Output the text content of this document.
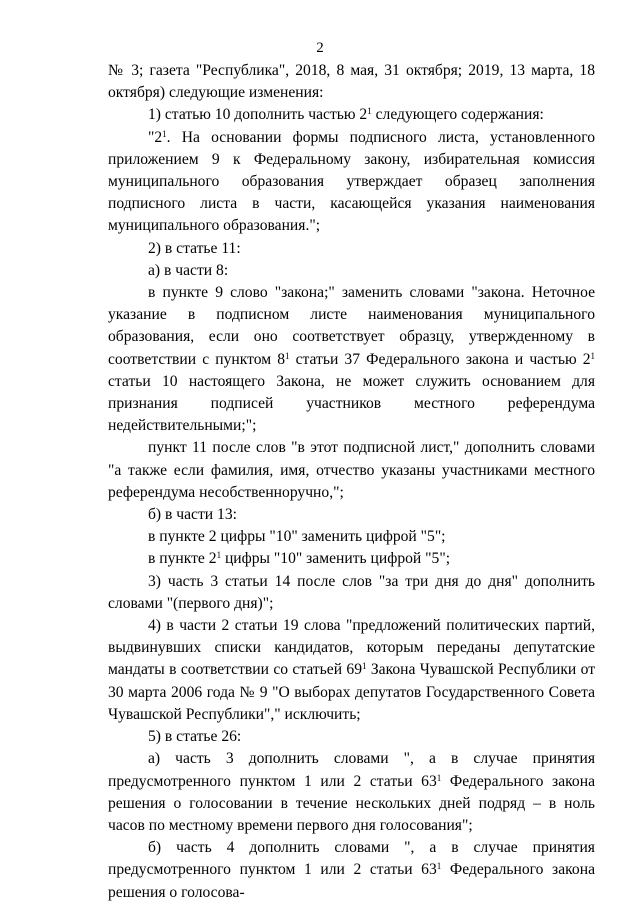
2

№ 3; газета "Республика", 2018, 8 мая, 31 октября; 2019, 13 марта, 18 октября) следующие изменения:

1) статью 10 дополнить частью $2^1$ следующего содержания:

"$2^1$. На основании формы подписного листа, установленного приложением 9 к Федеральному закону, избирательная комиссия муниципального образования утверждает образец заполнения подписного листа в части, касающейся указания наименования муниципального образования.";

2) в статье 11:

а) в части 8:

в пункте 9 слово "закона;" заменить словами "закона. Неточное указание в подписном листе наименования муниципального образования, если оно соответствует образцу, утвержденному в соответствии с пунктом $8^1$ статьи 37 Федерального закона и частью $2^1$ статьи 10 настоящего Закона, не может служить основанием для признания подписей участников местного референдума недействительными;";

пункт 11 после слов "в этот подписной лист," дополнить словами "а также если фамилия, имя, отчество указаны участниками местного референдума несобственноручно,";

б) в части 13:

в пункте 2 цифры "10" заменить цифрой "5";

в пункте $2^1$ цифры "10" заменить цифрой "5";

3) часть 3 статьи 14 после слов "за три дня до дня" дополнить словами "(первого дня)";

4) в части 2 статьи 19 слова "предложений политических партий, выдвинувших списки кандидатов, которым переданы депутатские мандаты в соответствии со статьей $69^1$ Закона Чувашской Республики от 30 марта 2006 года № 9 "О выборах депутатов Государственного Совета Чувашской Республики"," исключить;

5) в статье 26:

а) часть 3 дополнить словами ", а в случае принятия предусмотренного пунктом 1 или 2 статьи $63^1$ Федерального закона решения о голосовании в течение нескольких дней подряд – в ноль часов по местному времени первого дня голосования";

б) часть 4 дополнить словами ", а в случае принятия предусмотренного пунктом 1 или 2 статьи $63^1$ Федерального закона решения о голосова-
